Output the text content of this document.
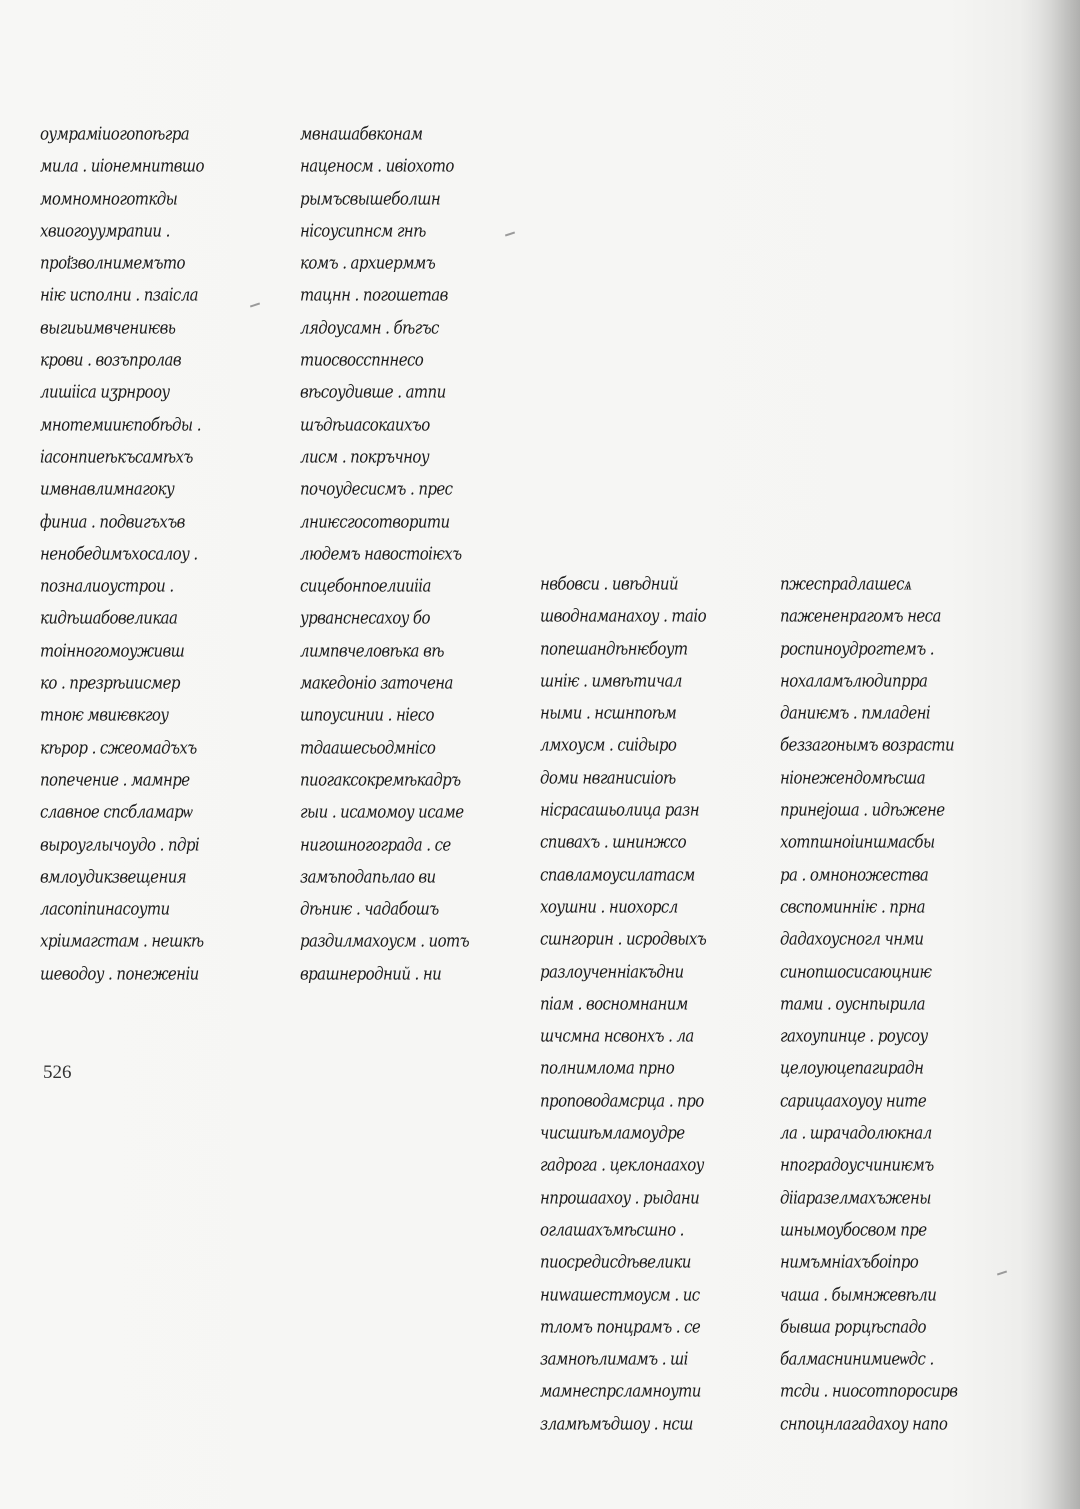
оумрамiиогопоѣгра
мила . иiонемнитвшо
момномноготкды
хвиогоуумрапии .
проi҃зволнимемъто
нiѥ исполни . пзаiсла
выгиьимвчениѥвь
крови . возъпролав
лишiiса иӡрнрооу
мнотемииѥпобѣды .
iасонпиеѣкъсамѣхъ
имвнавлимнагоку
финиа . подвигъхъв
ненобедимъхосалоу .
позналиоусmрои .
кидѣшабовеликаа
тоiнногомоуживш
ко . презрѣиисмер
тноѥ мвиѥвкгоу
кѣрор . сжеомадъхъ
попечение . мамнре
славное спсбламарѡ
выроуглычоудо . пдрi
вмлоудикзвещения
ласопiпинасоути
хрiимагстам . нешкѣ
шеводоу . понеженiи
мвнашабвконам
наценосм . ивiохото
рымъсвышеболшн
нiсоусипнсм гнѣ
комъ . архиерммъ
тацнн . погошетав
лядоусамн . бѣгъс
тиосвосспннесо
вѣсоудивше . атпи
шъдѣиасокаихъо
лисм . покръчноу
почоудесисмъ . прес
лниѥсгосотворити
людемъ навостоiѥхъ
сицебонпоелииiiа
урванснесахоу бо
лимпвчеловѣка вѣ
македонiо заточена
шпоусинии . нiесо
тдаашесьодмнiсо
пиогаксокремѣкадръ
гыи . исамомоу исаме
нигошногограда . се
замъподапьлао ви
дѣниѥ . чадабошъ
раздилмахоусм . иотъ
врашнеродний . ни
нвбовси . ивѣдний
шводнаманахоу . таiо
попешандѣнѥбоут
шнiѥ . имвѣтичал
ными . нсшнпоѣм
лмхоусм . сиiдыро
доми нвганисиiоѣ
нiсрасашьолица разн
спивахъ . шнинжсо
спавламоусилатасм
хоушни . ниохорсл
сшнгорин . исродвыхъ
разлоученнiакъдни
пiам . восномнаним
шчсмна нсвонхъ . ла
полнимлома прно
проповодамсрца . про
чисшиѣмламоудре
гадрога . цеклонаахоу
нпрошаахоу . рыдани
оглашахъмѣсшно .
пиосредисдѣвелики
ниwашестмоусм . ис
тломъ понцрамъ . се
замноѣлимамъ . шi
мамнеспрсламноути
зламѣмъдшоу . нсш
пжеспрадлашесѧ
пажененрагомъ неса
роспиноудрогтемъ .
нохаламълюдипрра
даниѥмъ . пмладенi
беззагонымъ возрасти
нiонежендомѣсша
принеjоша . идѣжене
хотпшноiиншмасбы
ра . омноножества
свспоминнiѥ . прна
дадахоусногл чнми
синопшосисаюцниѥ
тами . оуснпырила
гахоупинце . роусоу
целоуюцепагирадн
сарицаахоуоу ните
ла . шрачадолюкнал
нпоградоусчиниѥмъ
дiiаразелмахъжены
шнымоубосвом пре
нимъмнiахъбоiпро
чаша . бымнжевѣли
бывша рорцѣспадо
балмаснинимиеѡдс .
тсди . ниосотпоросирв
снпоцнлагадахоу напо
526
